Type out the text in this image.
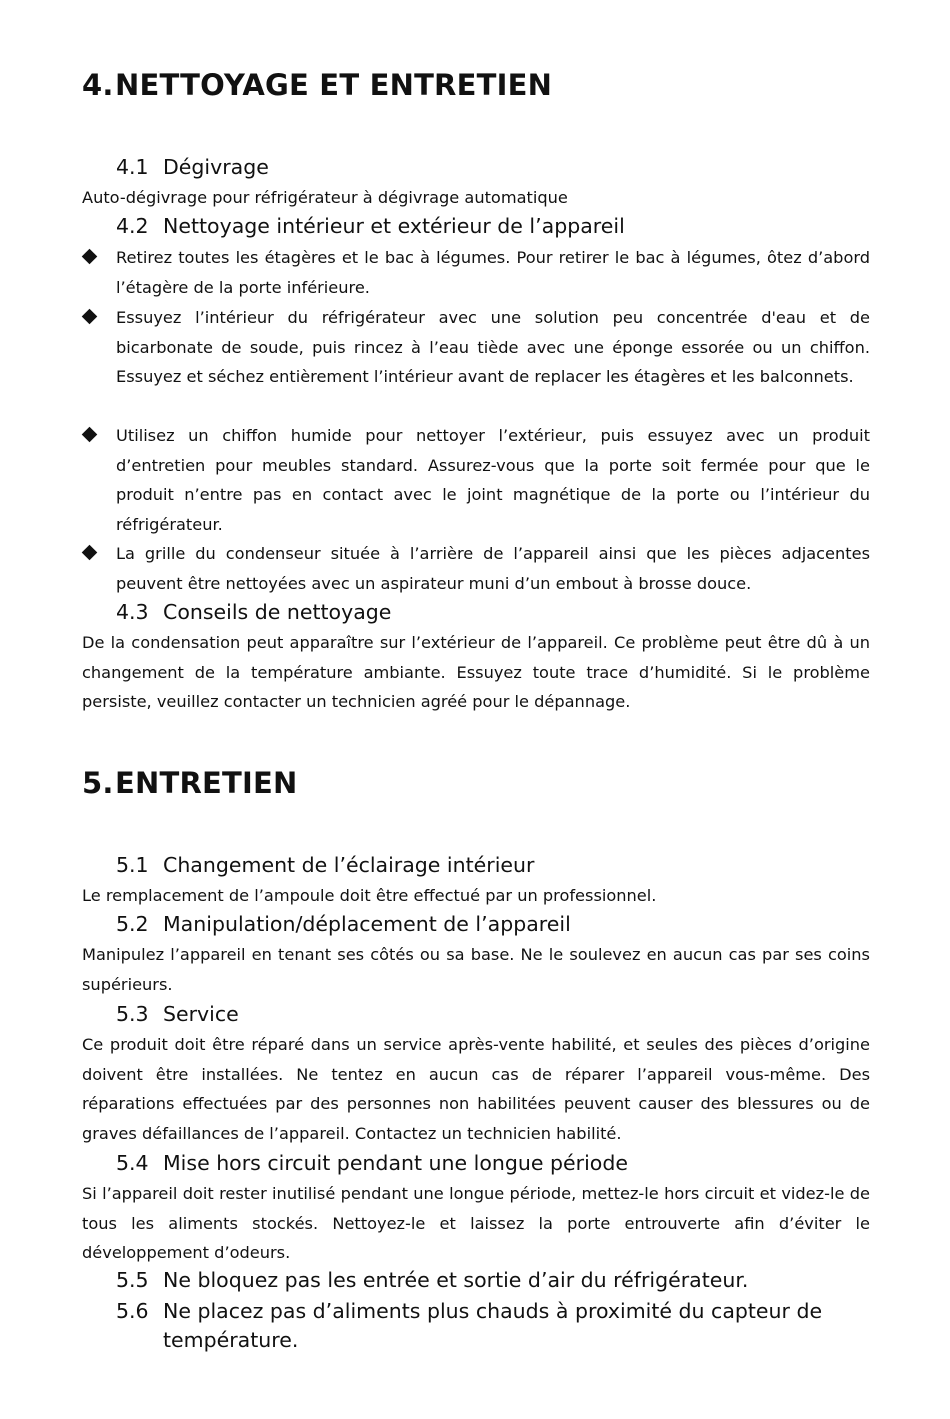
4. NETTOYAGE ET ENTRETIEN
4.1 Dégivrage

Auto-dégivrage pour réfrigérateur à dégivrage automatique

4.2 Nettoyage intérieur et extérieur de l’appareil
Retirez toutes les étagères et le bac à légumes. Pour retirer le bac à légumes, ôtez d’abord l’étagère de la porte inférieure.
Essuyez l’intérieur du réfrigérateur avec une solution peu concentrée d'eau et de bicarbonate de soude, puis rincez à l’eau tiède avec une éponge essorée ou un chiffon. Essuyez et séchez entièrement l’intérieur avant de replacer les étagères et les balconnets.
Utilisez un chiffon humide pour nettoyer l’extérieur, puis essuyez avec un produit d’entretien pour meubles standard. Assurez-vous que la porte soit fermée pour que le produit n’entre pas en contact avec le joint magnétique de la porte ou l’intérieur du réfrigérateur.
La grille du condenseur située à l’arrière de l’appareil ainsi que les pièces adjacentes peuvent être nettoyées avec un aspirateur muni d’un embout à brosse douce.
4.3 Conseils de nettoyage

De la condensation peut apparaître sur l’extérieur de l’appareil. Ce problème peut être dû à un changement de la température ambiante. Essuyez toute trace d’humidité. Si le problème persiste, veuillez contacter un technicien agréé pour le dépannage.

5. ENTRETIEN
5.1 Changement de l’éclairage intérieur

Le remplacement de l’ampoule doit être effectué par un professionnel.

5.2 Manipulation/déplacement de l’appareil

Manipulez l’appareil en tenant ses côtés ou sa base. Ne le soulevez en aucun cas par ses coins supérieurs.

5.3 Service

Ce produit doit être réparé dans un service après-vente habilité, et seules des pièces d’origine doivent être installées. Ne tentez en aucun cas de réparer l’appareil vous-même. Des réparations effectuées par des personnes non habilitées peuvent causer des blessures ou de graves défaillances de l’appareil. Contactez un technicien habilité.

5.4 Mise hors circuit pendant une longue période

Si l’appareil doit rester inutilisé pendant une longue période, mettez-le hors circuit et videz-le de tous les aliments stockés. Nettoyez-le et laissez la porte entrouverte afin d’éviter le développement d’odeurs.

5.5 Ne bloquez pas les entrée et sortie d’air du réfrigérateur.
5.6 Ne placez pas d’aliments plus chauds à proximité du capteur de
température.
